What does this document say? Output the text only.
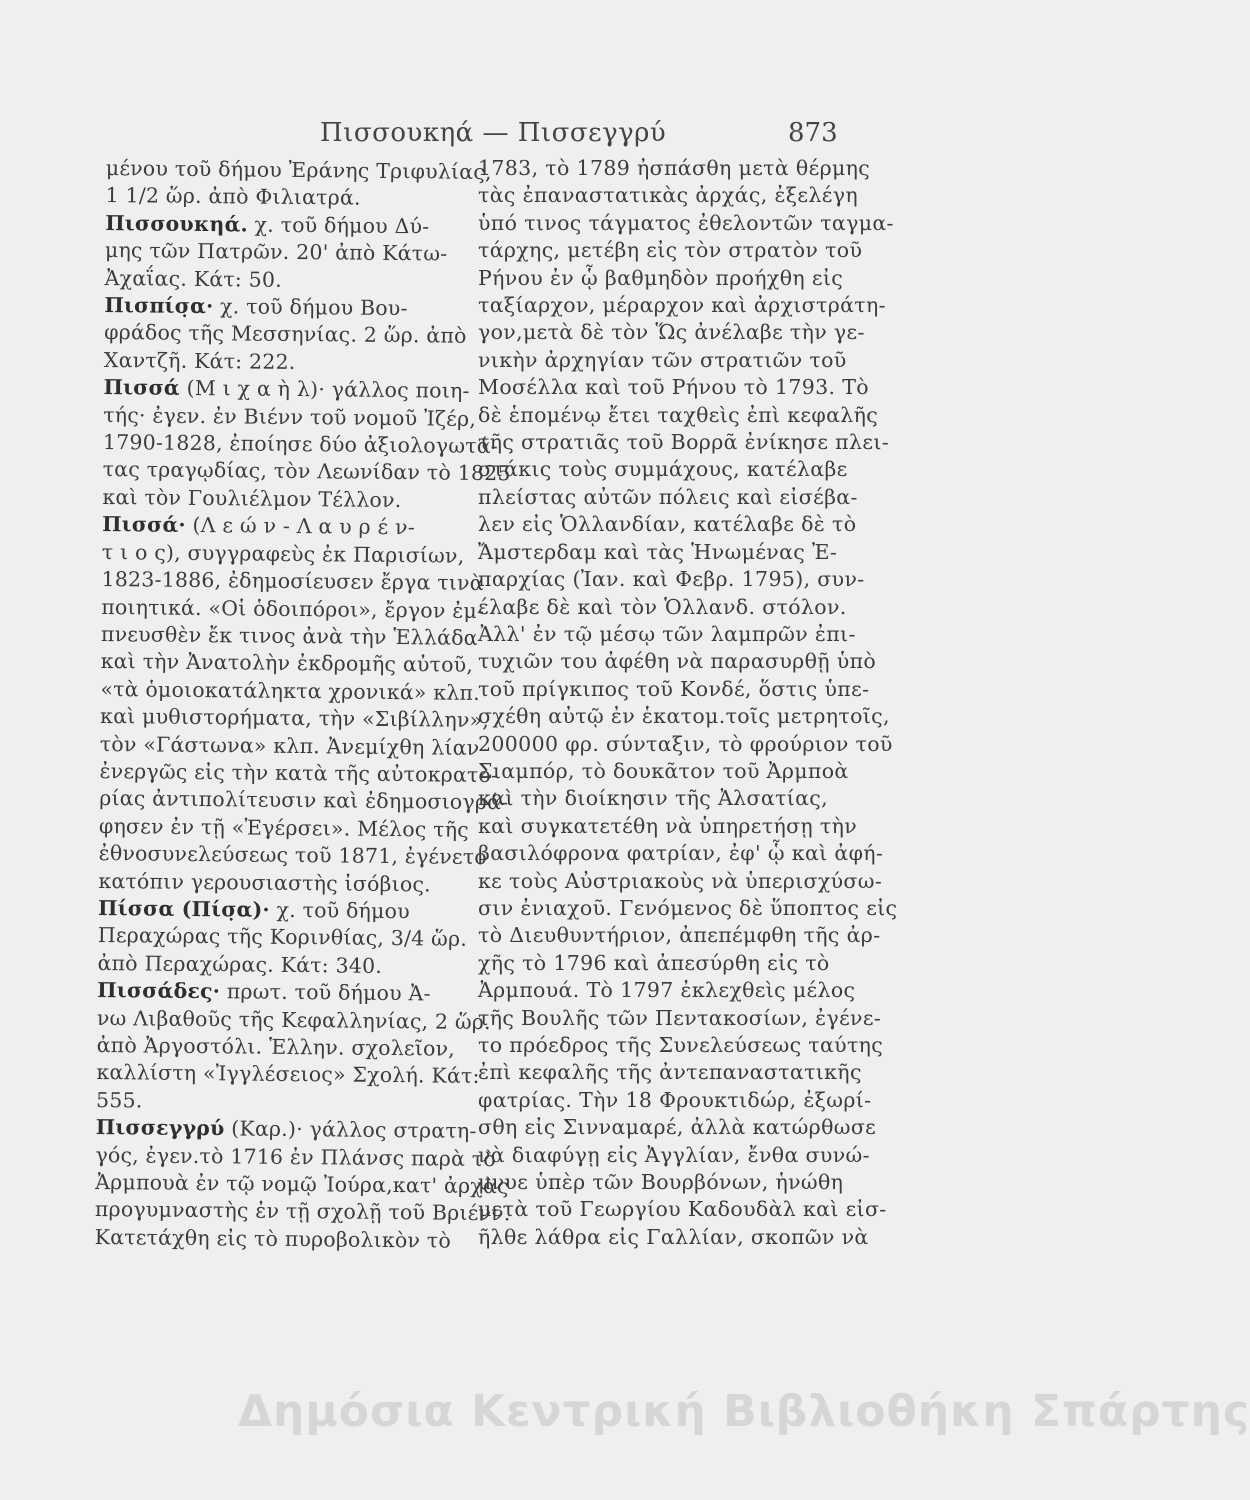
Πισσουκηά — Πισσεγγρύ	873
μένου τοῦ δήμου Ἐράνης Τριφυλίας,
1 1/2 ὥρ. ἀπὸ Φιλιατρά.
Πισσουκηά. χ. τοῦ δήμου Δύ-
μης τῶν Πατρῶν. 20' ἀπὸ Κάτω-
Ἀχαΐας. Κάτ: 50.
Πισπίσ̣α· χ. τοῦ δήμου Βου-
φράδος τῆς Μεσσηνίας. 2 ὥρ. ἀπὸ
Χαντζῆ. Κάτ: 222.
Πισσά (Μ ι χ α ὴ λ)· γάλλος ποιη-
τής· ἐγεν. ἐν Βιένν τοῦ νομοῦ Ἰζέρ,
1790-1828, ἐποίησε δύο ἀξιολογωτά-
τας τραγῳδίας, τὸν Λεωνίδαν τὸ 1825
καὶ τὸν Γουλιέλμον Τέλλον.
Πισσά· (Λ ε ώ ν - Λ α υ ρ έ ν-
τ ι ο ς), συγγραφεὺς ἐκ Παρισίων,
1823-1886, ἐδημοσίευσεν ἔργα τινὰ
ποιητικά. «Οἱ ὁδοιπόροι», ἔργον ἐμ-
πνευσθὲν ἔκ τινος ἀνὰ τὴν Ἑλλάδα
καὶ τὴν Ἀνατολὴν ἐκδρομῆς αὐτοῦ,
«τὰ ὁμοιοκατάληκτα χρονικά» κλπ.
καὶ μυθιστορήματα, τὴν «Σιβίλλην»,
τὸν «Γάστωνα» κλπ. Ἀνεμίχθη λίαν
ἐνεργῶς εἰς τὴν κατὰ τῆς αὐτοκρατο-
ρίας ἀντιπολίτευσιν καὶ ἐδημοσιογρά-
φησεν ἐν τῇ «Ἐγέρσει». Μέλος τῆς
ἐθνοσυνελεύσεως τοῦ 1871, ἐγένετο
κατόπιν γερουσιαστὴς ἰσόβιος.
Πίσσα (Πίσ̣α)· χ. τοῦ δήμου
Περαχώρας τῆς Κορινθίας, 3/4 ὥρ.
ἀπὸ Περαχώρας. Κάτ: 340.
Πισσάδες· πρωτ. τοῦ δήμου Ἀ-
νω Λιβαθοῦς τῆς Κεφαλληνίας, 2 ὥρ.
ἀπὸ Ἀργοστόλι. Ἑλλην. σχολεῖον,
καλλίστη «Ἰγγλέσειος» Σχολή. Κάτ:
555.
Πισσεγγρύ (Καρ.)· γάλλος στρατη-
γός, ἐγεν.τὸ 1716 ἐν Πλάνσς παρὰ τὸ
Ἀρμπουὰ ἐν τῷ νομῷ Ἰούρα,κατ' ἀρχὰς
προγυμναστὴς ἐν τῇ σχολῇ τοῦ Βριένν.
Κατετάχθη εἰς τὸ πυροβολικὸν τὸ
1783, τὸ 1789 ἠσπάσθη μετὰ θέρμης
τὰς ἐπαναστατικὰς ἀρχάς, ἐξελέγη
ὑπό τινος τάγματος ἐθελοντῶν ταγμα-
τάρχης, μετέβη εἰς τὸν στρατὸν τοῦ
Ρήνου ἐν ᾧ βαθμηδὸν προήχθη εἰς
ταξίαρχον, μέραρχον καὶ ἀρχιστράτη-
γον,μετὰ δὲ τὸν Ὥς ἀνέλαβε τὴν γε-
νικὴν ἀρχηγίαν τῶν στρατιῶν τοῦ
Μοσέλλα καὶ τοῦ Ρήνου τὸ 1793. Τὸ
δὲ ἑπομένῳ ἔτει ταχθεὶς ἐπὶ κεφαλῆς
τῆς στρατιᾶς τοῦ Βορρᾶ ἐνίκησε πλει-
στάκις τοὺς συμμάχους, κατέλαβε
πλείστας αὐτῶν πόλεις καὶ εἰσέβα-
λεν εἰς Ὁλλανδίαν, κατέλαβε δὲ τὸ
Ἄμστερδαμ καὶ τὰς Ἡνωμένας Ἐ-
παρχίας (Ἰαν. καὶ Φεβρ. 1795), συν-
έλαβε δὲ καὶ τὸν Ὁλλανδ. στόλον.
Ἀλλ' ἐν τῷ μέσῳ τῶν λαμπρῶν ἐπι-
τυχιῶν του ἀφέθη νὰ παρασυρθῇ ὑπὸ
τοῦ πρίγκιπος τοῦ Κονδέ, ὅστις ὑπε-
σχέθη αὐτῷ ἐν ἑκατομ.τοῖς μετρητοῖς,
200000 φρ. σύνταξιν, τὸ φρούριον τοῦ
Σιαμπόρ, τὸ δουκᾶτον τοῦ Ἀρμποὰ
καὶ τὴν διοίκησιν τῆς Ἀλσατίας,
καὶ συγκατετέθη νὰ ὑπηρετήσῃ τὴν
βασιλόφρονα φατρίαν, ἐφ' ᾧ καὶ ἀφή-
κε τοὺς Αὐστριακοὺς νὰ ὑπερισχύσω-
σιν ἐνιαχοῦ. Γενόμενος δὲ ὕποπτος εἰς
τὸ Διευθυντήριον, ἀπεπέμφθη τῆς ἀρ-
χῆς τὸ 1796 καὶ ἀπεσύρθη εἰς τὸ
Ἀρμπουά. Τὸ 1797 ἐκλεχθεὶς μέλος
τῆς Βουλῆς τῶν Πεντακοσίων, ἐγένε-
το πρόεδρος τῆς Συνελεύσεως ταύτης
ἐπὶ κεφαλῆς τῆς ἀντεπαναστατικῆς
φατρίας. Τὴν 18 Φρουκτιδώρ, ἐξωρί-
σθη εἰς Σινναμαρέ, ἀλλὰ κατώρθωσε
νὰ διαφύγῃ εἰς Ἀγγλίαν, ἔνθα συνώ-
μνυε ὑπὲρ τῶν Βουρβόνων, ἡνώθη
μετὰ τοῦ Γεωργίου Καδουδὰλ καὶ εἰσ-
ῆλθε λάθρα εἰς Γαλλίαν, σκοπῶν νὰ
Δημόσια Κεντρική Βιβλιοθήκη Σπάρτης
